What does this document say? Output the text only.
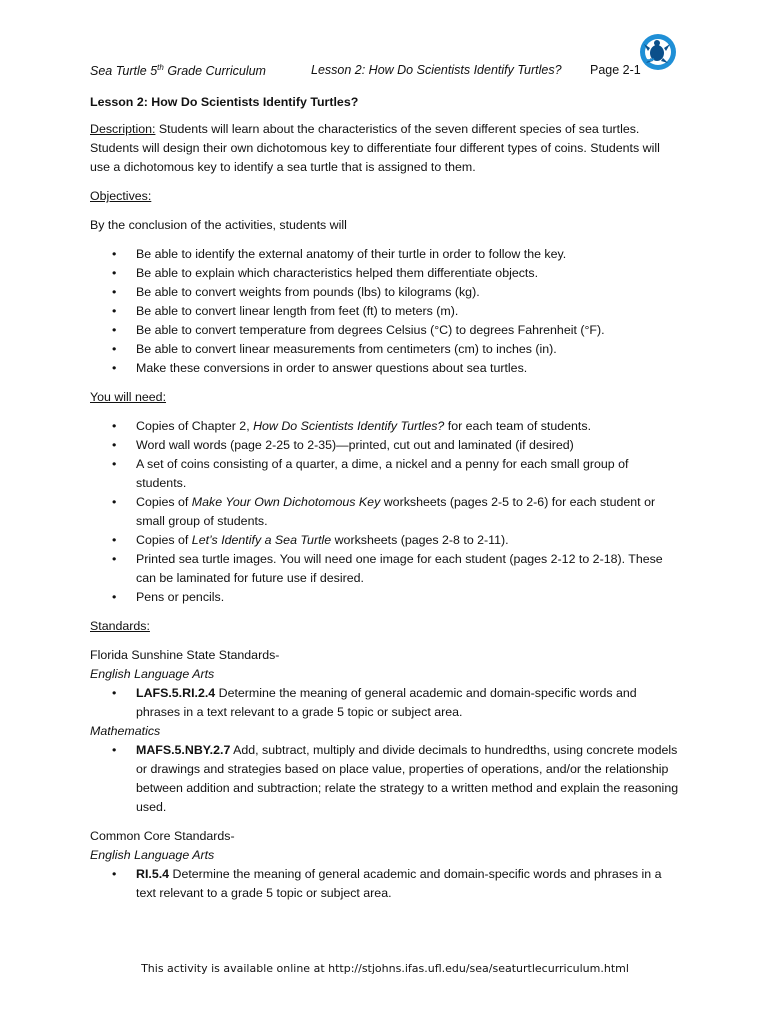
Sea Turtle 5th Grade Curriculum	Lesson 2: How Do Scientists Identify Turtles? Page 2-1
Lesson 2: How Do Scientists Identify Turtles?

Description: Students will learn about the characteristics of the seven different species of sea turtles. Students will design their own dichotomous key to differentiate four different types of coins. Students will use a dichotomous key to identify a sea turtle that is assigned to them.

Objectives:
By the conclusion of the activities, students will
• Be able to identify the external anatomy of their turtle in order to follow the key.
• Be able to explain which characteristics helped them differentiate objects.
• Be able to convert weights from pounds (lbs) to kilograms (kg).
• Be able to convert linear length from feet (ft) to meters (m).
• Be able to convert temperature from degrees Celsius (°C) to degrees Fahrenheit (°F).
• Be able to convert linear measurements from centimeters (cm) to inches (in).
• Make these conversions in order to answer questions about sea turtles.
You will need:
• Copies of Chapter 2, How Do Scientists Identify Turtles? for each team of students.
• Word wall words (page 2-25 to 2-35)—printed, cut out and laminated (if desired)
• A set of coins consisting of a quarter, a dime, a nickel and a penny for each small group of students.
• Copies of Make Your Own Dichotomous Key worksheets (pages 2-5 to 2-6) for each student or small group of students.
• Copies of Let’s Identify a Sea Turtle worksheets (pages 2-8 to 2-11).
• Printed sea turtle images. You will need one image for each student (pages 2-12 to 2-18). These can be laminated for future use if desired.
• Pens or pencils.
Standards:
Florida Sunshine State Standards-
English Language Arts
• LAFS.5.RI.2.4 Determine the meaning of general academic and domain-specific words and phrases in a text relevant to a grade 5 topic or subject area.
Mathematics
• MAFS.5.NBY.2.7 Add, subtract, multiply and divide decimals to hundredths, using concrete models or drawings and strategies based on place value, properties of operations, and/or the relationship between addition and subtraction; relate the strategy to a written method and explain the reasoning used.
Common Core Standards-
English Language Arts
• RI.5.4 Determine the meaning of general academic and domain-specific words and phrases in a text relevant to a grade 5 topic or subject area.
This activity is available online at http://stjohns.ifas.ufl.edu/sea/seaturtlecurriculum.html
